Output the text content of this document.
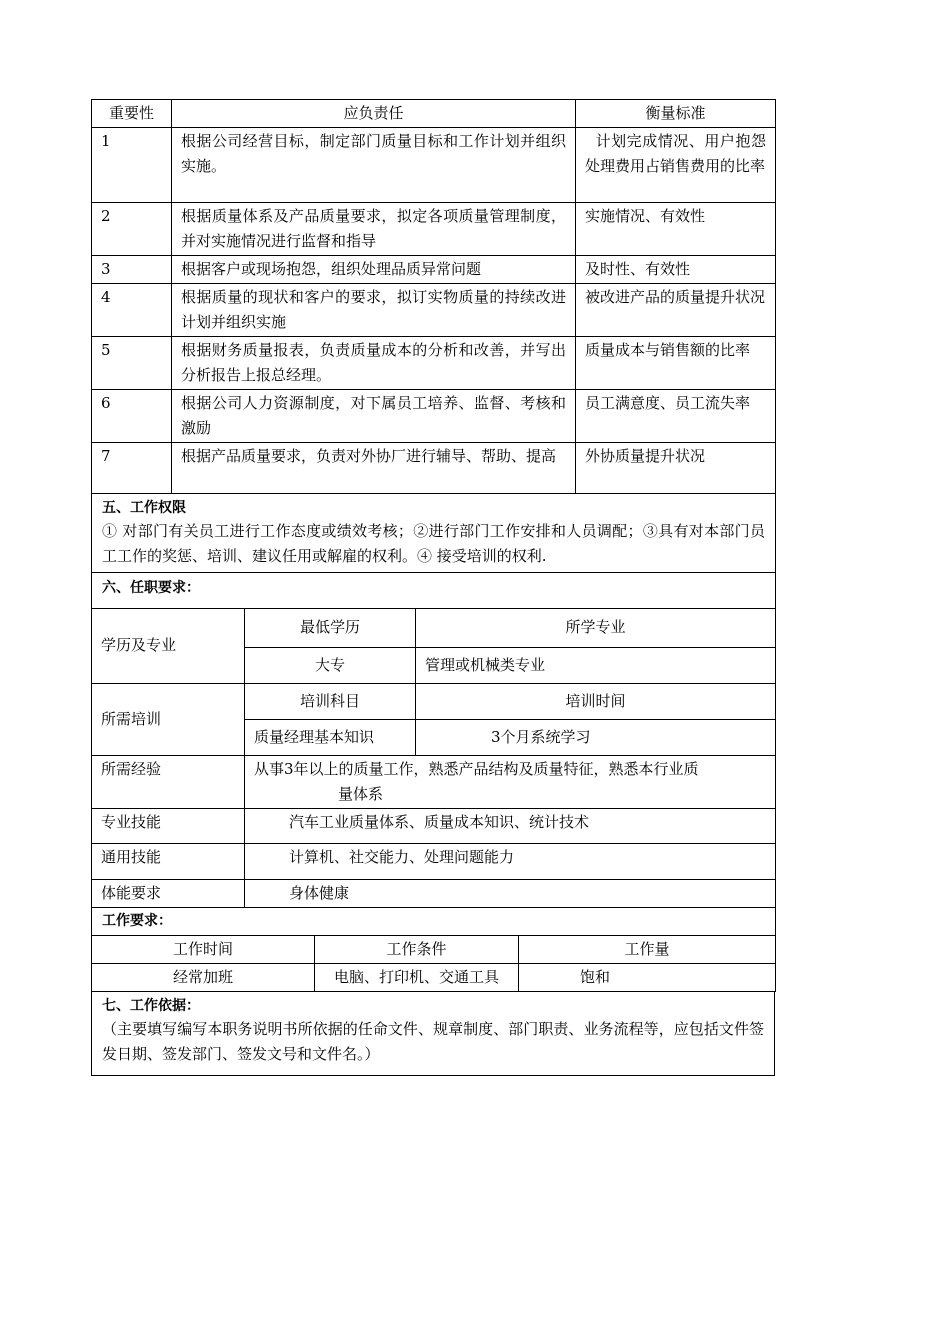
重要性	应负责任	衡量标准
1	根据公司经营目标，制定部门质量目标和工作计划并组织实施。	计划完成情况、用户抱怨处理费用占销售费用的比率
2	根据质量体系及产品质量要求，拟定各项质量管理制度，并对实施情况进行监督和指导	实施情况、有效性
3	根据客户或现场抱怨，组织处理品质异常问题	及时性、有效性
4	根据质量的现状和客户的要求，拟订实物质量的持续改进计划并组织实施	被改进产品的质量提升状况
5	根据财务质量报表，负责质量成本的分析和改善，并写出分析报告上报总经理。	质量成本与销售额的比率
6	根据公司人力资源制度，对下属员工培养、监督、考核和激励	员工满意度、员工流失率
7	根据产品质量要求，负责对外协厂进行辅导、帮助、提高	外协质量提升状况

五、工作权限
① 对部门有关员工进行工作态度或绩效考核；②进行部门工作安排和人员调配；③具有对本部门员工工作的奖惩、培训、建议任用或解雇的权利。④ 接受培训的权利.		

六、任职要求：		
学历及专业	最低学历	所学专业
	大专	管理或机械类专业
所需培训	培训科目	培训时间
	质量经理基本知识	3个月系统学习
所需经验	从事3年以上的质量工作，熟悉产品结构及质量特征，熟悉本行业质
量体系	

专业技能	汽车工业质量体系、质量成本知识、统计技术	
通用技能	计算机、社交能力、处理问题能力	
体能要求	身体健康	

工作要求：		
工作时间	工作条件	工作量
经常加班	电脑、打印机、交通工具	饱和
七、工作依据：
（主要填写编写本职务说明书所依据的任命文件、规章制度、部门职责、业务流程等，应包括文件签发日期、签发部门、签发文号和文件名。）
